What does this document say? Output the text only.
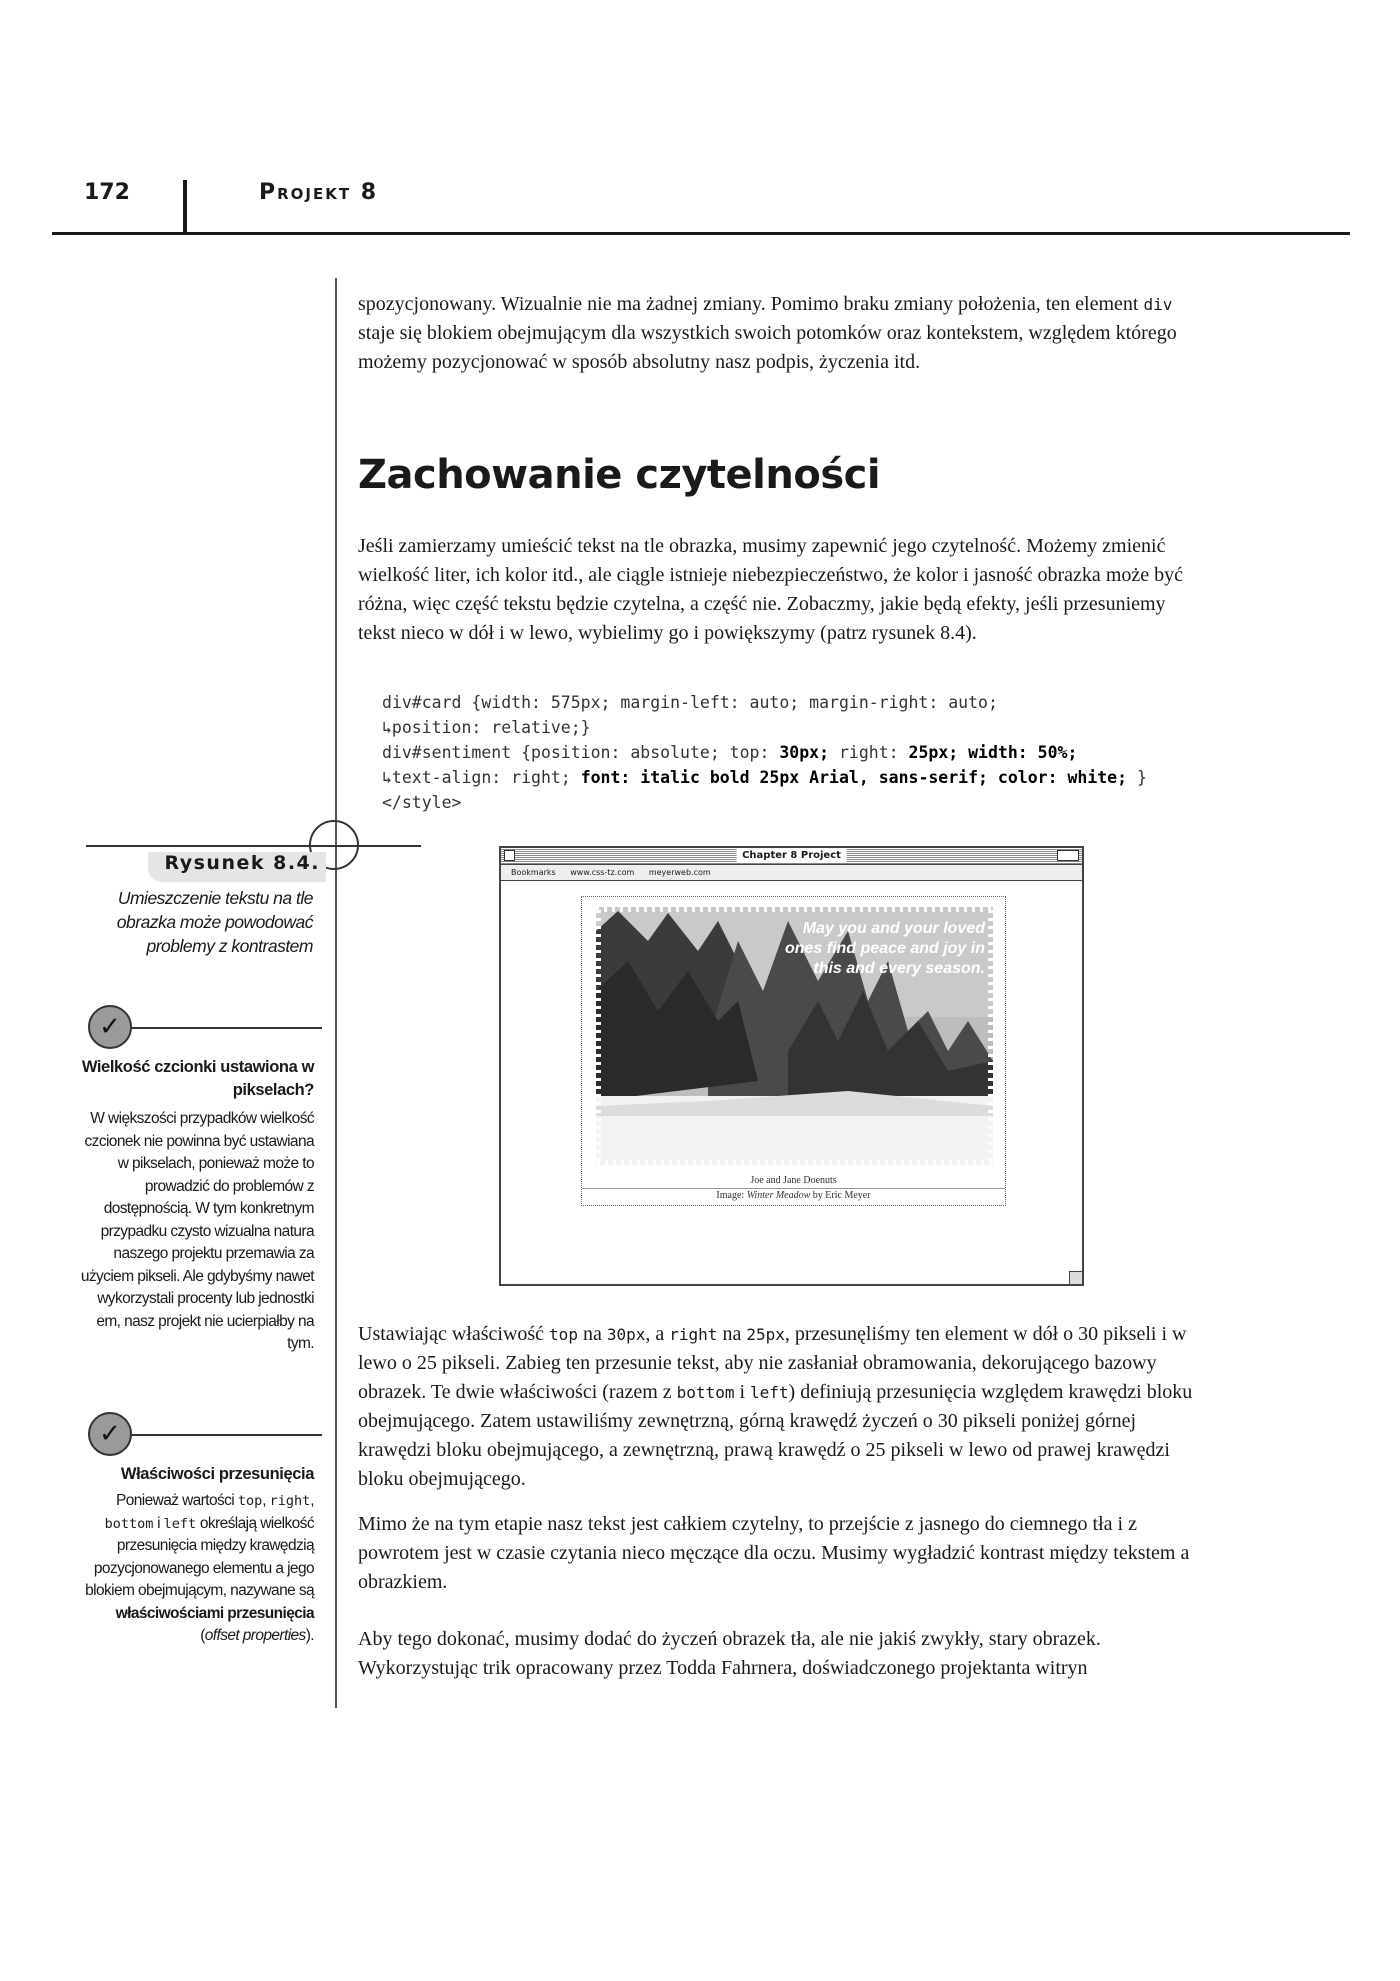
172	Projekt 8

spozycjonowany. Wizualnie nie ma żadnej zmiany. Pomimo braku zmiany położenia, ten element div staje się blokiem obejmującym dla wszystkich swoich potomków oraz kontekstem, względem którego możemy pozycjonować w sposób absolutny nasz podpis, życzenia itd.

Zachowanie czytelności

Jeśli zamierzamy umieścić tekst na tle obrazka, musimy zapewnić jego czytelność. Możemy zmienić wielkość liter, ich kolor itd., ale ciągle istnieje niebezpieczeństwo, że kolor i jasność obrazka może być różna, więc część tekstu będzie czytelna, a część nie. Zobaczmy, jakie będą efekty, jeśli przesuniemy tekst nieco w dół i w lewo, wybielimy go i powiększymy (patrz rysunek 8.4).

div#card {width: 575px; margin-left: auto; margin-right: auto;
↳position: relative;}
div#sentiment {position: absolute; top: 30px; right: 25px; width: 50%;
↳text-align: right; font: italic bold 25px Arial, sans-serif; color: white; }
</style>
Rysunek 8.4.
Umieszczenie tekstu na tle obrazka może powodować problemy z kontrastem
Chapter 8 Project
Bookmarks www.css-tz.com meyerweb.com
May you and your loved ones find peace and joy in this and every season.
Joe and Jane Doenuts
Image: Winter Meadow by Eric Meyer
✓
Wielkość czcionki ustawiona w pikselach?
W większości przypadków wielkość czcionek nie powinna być ustawiana w pikselach, ponieważ może to prowadzić do problemów z dostępnością. W tym konkretnym przypadku czysto wizualna natura naszego projektu przemawia za użyciem pikseli. Ale gdybyśmy nawet wykorzystali procenty lub jednostki em, nasz projekt nie ucierpiałby na tym.
✓
Właściwości przesunięcia
Ponieważ wartości top, right, bottom i left określają wielkość przesunięcia między krawędzią pozycjonowanego elementu a jego blokiem obejmującym, nazywane są właściwościami przesunięcia (offset properties).

Ustawiając właściwość top na 30px, a right na 25px, przesunęliśmy ten element w dół o 30 pikseli i w lewo o 25 pikseli. Zabieg ten przesunie tekst, aby nie zasłaniał obramowania, dekorującego bazowy obrazek. Te dwie właściwości (razem z bottom i left) definiują przesunięcia względem krawędzi bloku obejmującego. Zatem ustawiliśmy zewnętrzną, górną krawędź życzeń o 30 pikseli poniżej górnej krawędzi bloku obejmującego, a zewnętrzną, prawą krawędź o 25 pikseli w lewo od prawej krawędzi bloku obejmującego.

Mimo że na tym etapie nasz tekst jest całkiem czytelny, to przejście z jasnego do ciemnego tła i z powrotem jest w czasie czytania nieco męczące dla oczu. Musimy wygładzić kontrast między tekstem a obrazkiem.

Aby tego dokonać, musimy dodać do życzeń obrazek tła, ale nie jakiś zwykły, stary obrazek. Wykorzystując trik opracowany przez Todda Fahrnera, doświadczonego projektanta witryn
